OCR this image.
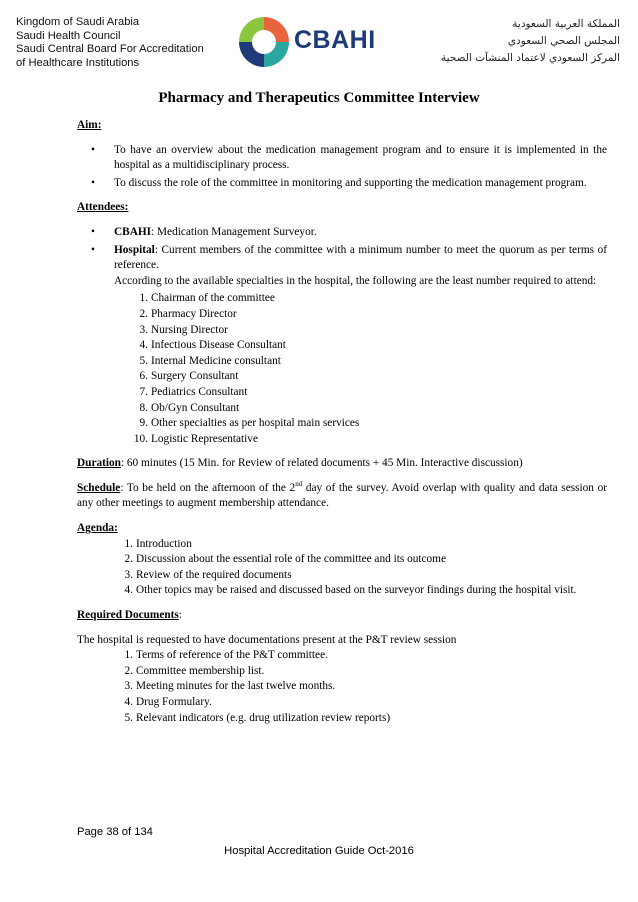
Kingdom of Saudi Arabia
Saudi Health Council
Saudi Central Board For Accreditation
of Healthcare Institutions
CBAHI
المملكة العربية السعودية
المجلس الصحي السعودي
المركز السعودي لاعتماد المنشآت الصحية
Pharmacy and Therapeutics Committee Interview
Aim:
• To have an overview about the medication management program and to ensure it is implemented in the hospital as a multidisciplinary process.
• To discuss the role of the committee in monitoring and supporting the medication management program.
Attendees:
• CBAHI: Medication Management Surveyor.
• Hospital: Current members of the committee with a minimum number to meet the quorum as per terms of reference.
According to the available specialties in the hospital, the following are the least number required to attend:
1. Chairman of the committee
2. Pharmacy Director
3. Nursing Director
4. Infectious Disease Consultant
5. Internal Medicine consultant
6. Surgery Consultant
7. Pediatrics Consultant
8. Ob/Gyn Consultant
9. Other specialties as per hospital main services
10. Logistic Representative
Duration: 60 minutes (15 Min. for Review of related documents + 45 Min. Interactive discussion)
Schedule: To be held on the afternoon of the 2nd day of the survey. Avoid overlap with quality and data session or any other meetings to augment membership attendance.
Agenda:
1. Introduction
2. Discussion about the essential role of the committee and its outcome
3. Review of the required documents
4. Other topics may be raised and discussed based on the surveyor findings during the hospital visit.
Required Documents:
The hospital is requested to have documentations present at the P&T review session
1. Terms of reference of the P&T committee.
2. Committee membership list.
3. Meeting minutes for the last twelve months.
4. Drug Formulary.
5. Relevant indicators (e.g. drug utilization review reports)
Page 38 of 134
Hospital Accreditation Guide Oct-2016
